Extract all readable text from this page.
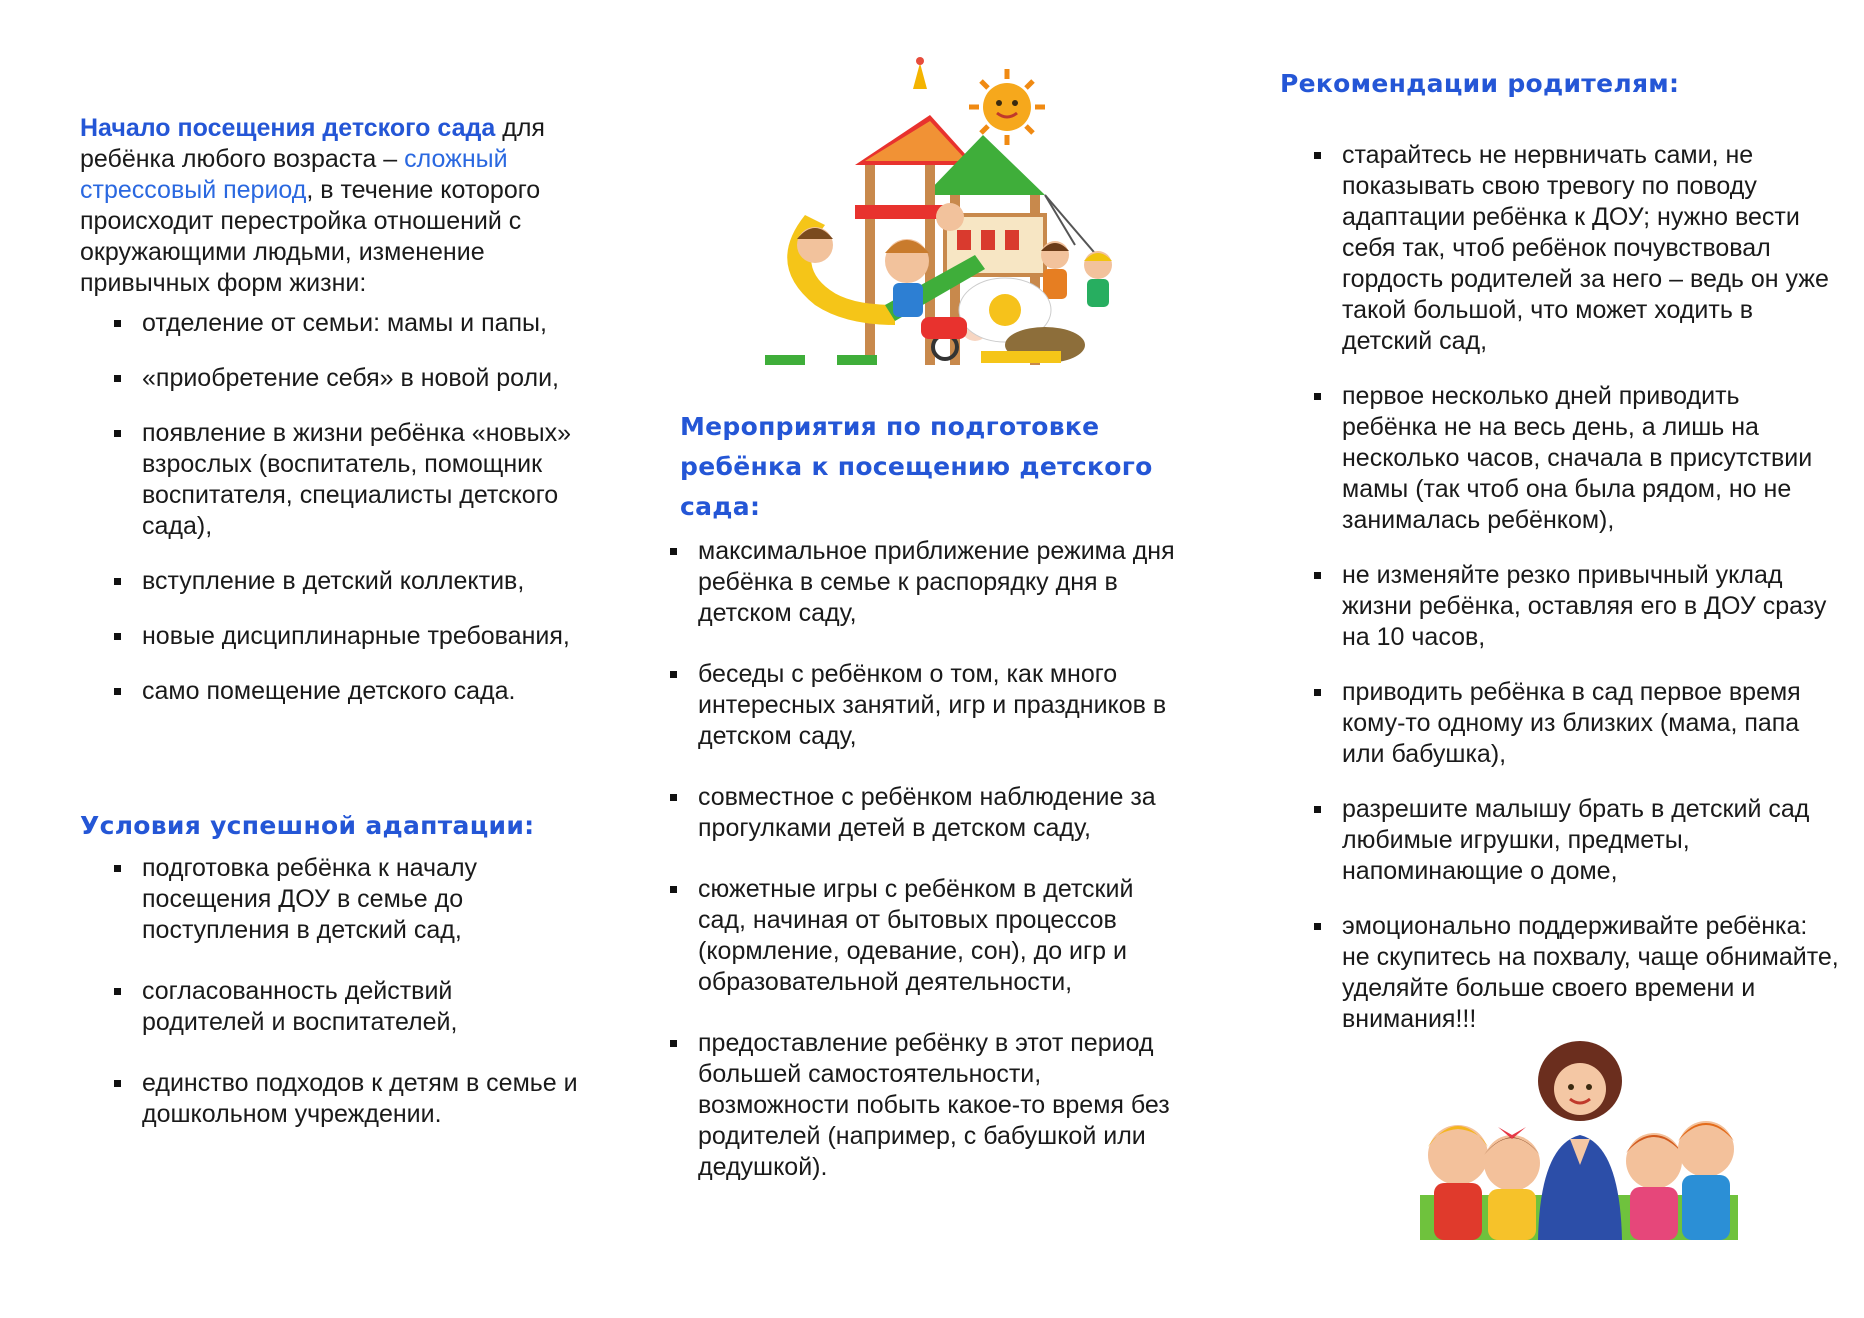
Начало посещения детского сада для ребёнка любого возраста – сложный стрессовый период, в течение которого происходит перестройка отношений с окружающими людьми, изменение привычных форм жизни:

отделение от семьи: мамы и папы,
«приобретение себя» в новой роли,
появление в жизни ребёнка «новых» взрослых (воспитатель, помощник воспитателя, специалисты детского сада),
вступление в детский коллектив,
новые дисциплинарные требования,
само помещение детского сада.
Условия успешной адаптации:
подготовка ребёнка к началу посещения ДОУ в семье до поступления в детский сад,
согласованность действий родителей и воспитателей,
единство подходов к детям в семье и дошкольном учреждении.
Мероприятия по подготовке ребёнка к посещению детского сада:
максимальное приближение режима дня ребёнка в семье к распорядку дня в детском саду,
беседы с ребёнком о том, как много интересных занятий, игр и праздников в детском саду,
совместное с ребёнком наблюдение за прогулками детей в детском саду,
сюжетные игры с ребёнком в детский сад, начиная от бытовых процессов (кормление, одевание, сон), до игр и образовательной деятельности,
предоставление ребёнку в этот период большей самостоятельности, возможности побыть какое-то время без родителей (например, с бабушкой или дедушкой).
Рекомендации родителям:
старайтесь не нервничать сами, не показывать свою тревогу по поводу адаптации ребёнка к ДОУ; нужно вести себя так, чтоб ребёнок почувствовал гордость родителей за него – ведь он уже такой большой, что может ходить в детский сад,
первое несколько дней приводить ребёнка не на весь день, а лишь на несколько часов, сначала в присутствии мамы (так чтоб она была рядом, но не занималась ребёнком),
не изменяйте резко привычный уклад жизни ребёнка, оставляя его в ДОУ сразу на 10 часов,
приводить ребёнка в сад первое время кому-то одному из близких (мама, папа или бабушка),
разрешите малышу брать в детский сад любимые игрушки, предметы, напоминающие о доме,
эмоционально поддерживайте ребёнка: не скупитесь на похвалу, чаще обнимайте, уделяйте больше своего времени и внимания!!!
